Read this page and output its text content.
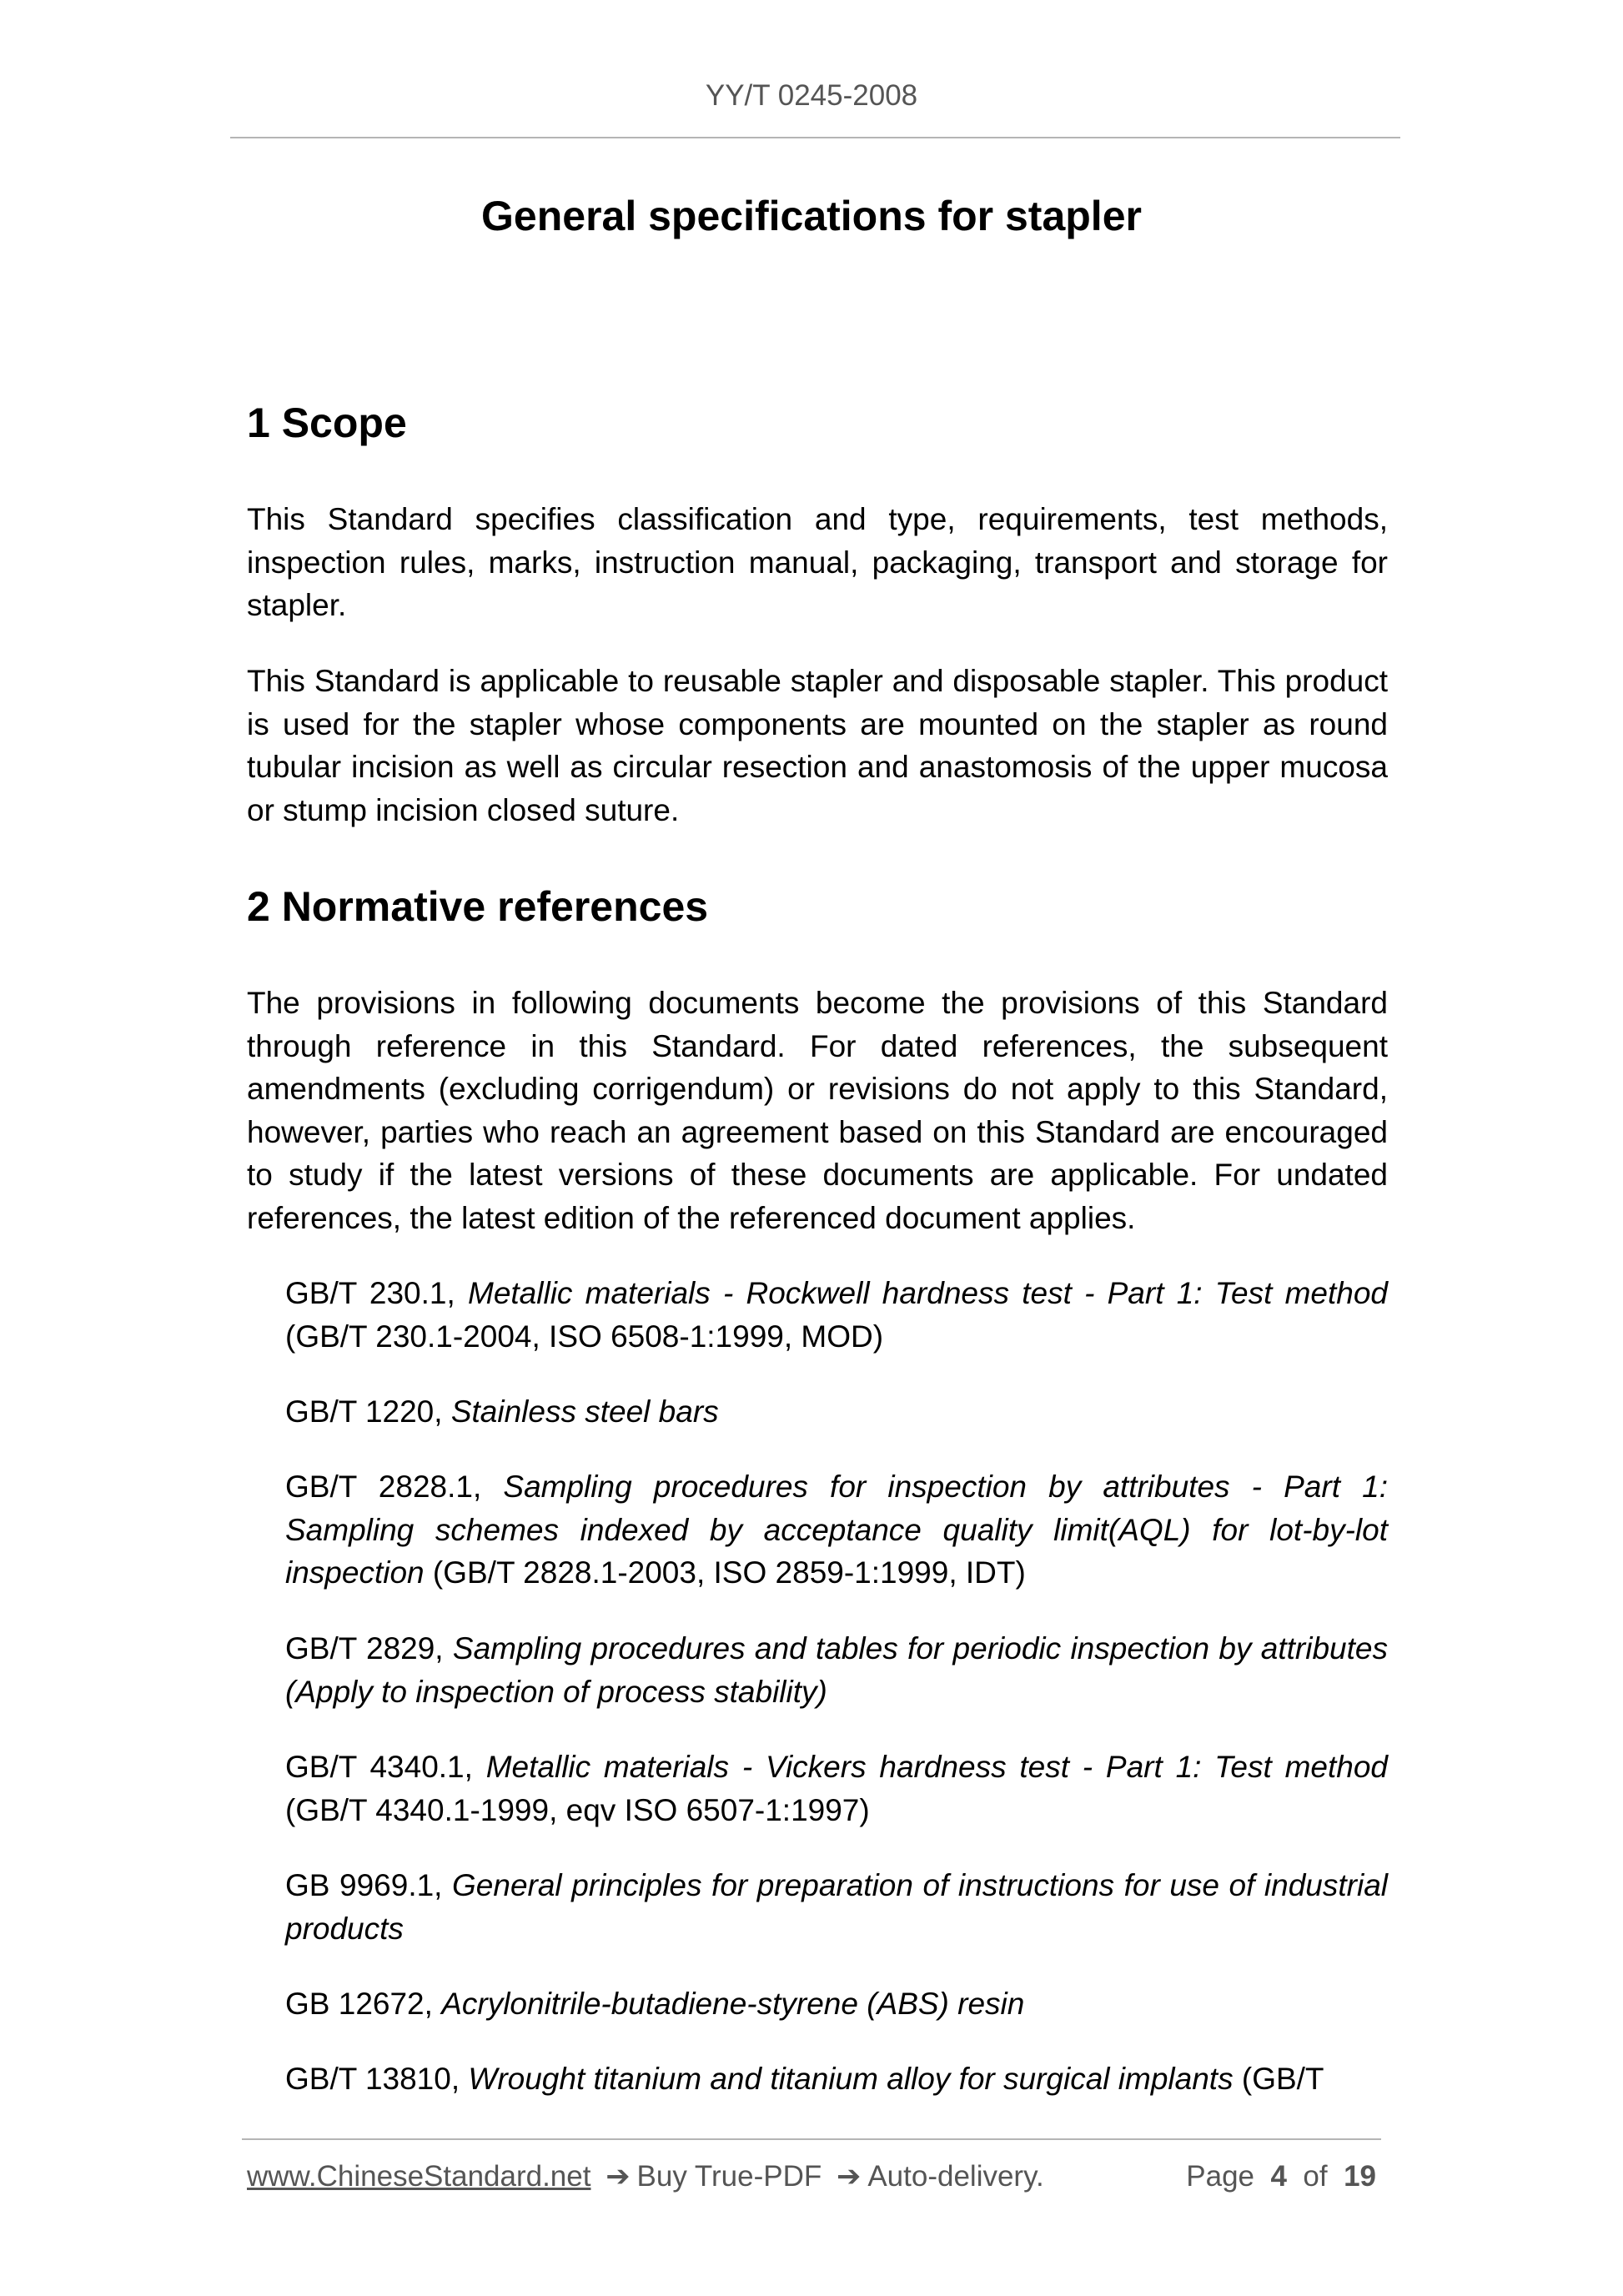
YY/T 0245-2008
General specifications for stapler
1 Scope

This Standard specifies classification and type, requirements, test methods, inspection rules, marks, instruction manual, packaging, transport and storage for stapler.

This Standard is applicable to reusable stapler and disposable stapler. This product is used for the stapler whose components are mounted on the stapler as round tubular incision as well as circular resection and anastomosis of the upper mucosa or stump incision closed suture.

2 Normative references

The provisions in following documents become the provisions of this Standard through reference in this Standard. For dated references, the subsequent amendments (excluding corrigendum) or revisions do not apply to this Standard, however, parties who reach an agreement based on this Standard are encouraged to study if the latest versions of these documents are applicable. For undated references, the latest edition of the referenced document applies.

GB/T 230.1, Metallic materials - Rockwell hardness test - Part 1: Test method (GB/T 230.1-2004, ISO 6508-1:1999, MOD)

GB/T 1220, Stainless steel bars

GB/T 2828.1, Sampling procedures for inspection by attributes - Part 1: Sampling schemes indexed by acceptance quality limit(AQL) for lot-by-lot inspection (GB/T 2828.1-2003, ISO 2859-1:1999, IDT)

GB/T 2829, Sampling procedures and tables for periodic inspection by attributes (Apply to inspection of process stability)

GB/T 4340.1, Metallic materials - Vickers hardness test - Part 1: Test method (GB/T 4340.1-1999, eqv ISO 6507-1:1997)

GB 9969.1, General principles for preparation of instructions for use of industrial products

GB 12672, Acrylonitrile-butadiene-styrene (ABS) resin

GB/T 13810, Wrought titanium and titanium alloy for surgical implants (GB/T

www.ChineseStandard.net ➔ Buy True-PDF ➔ Auto-delivery.	Page 4 of 19
